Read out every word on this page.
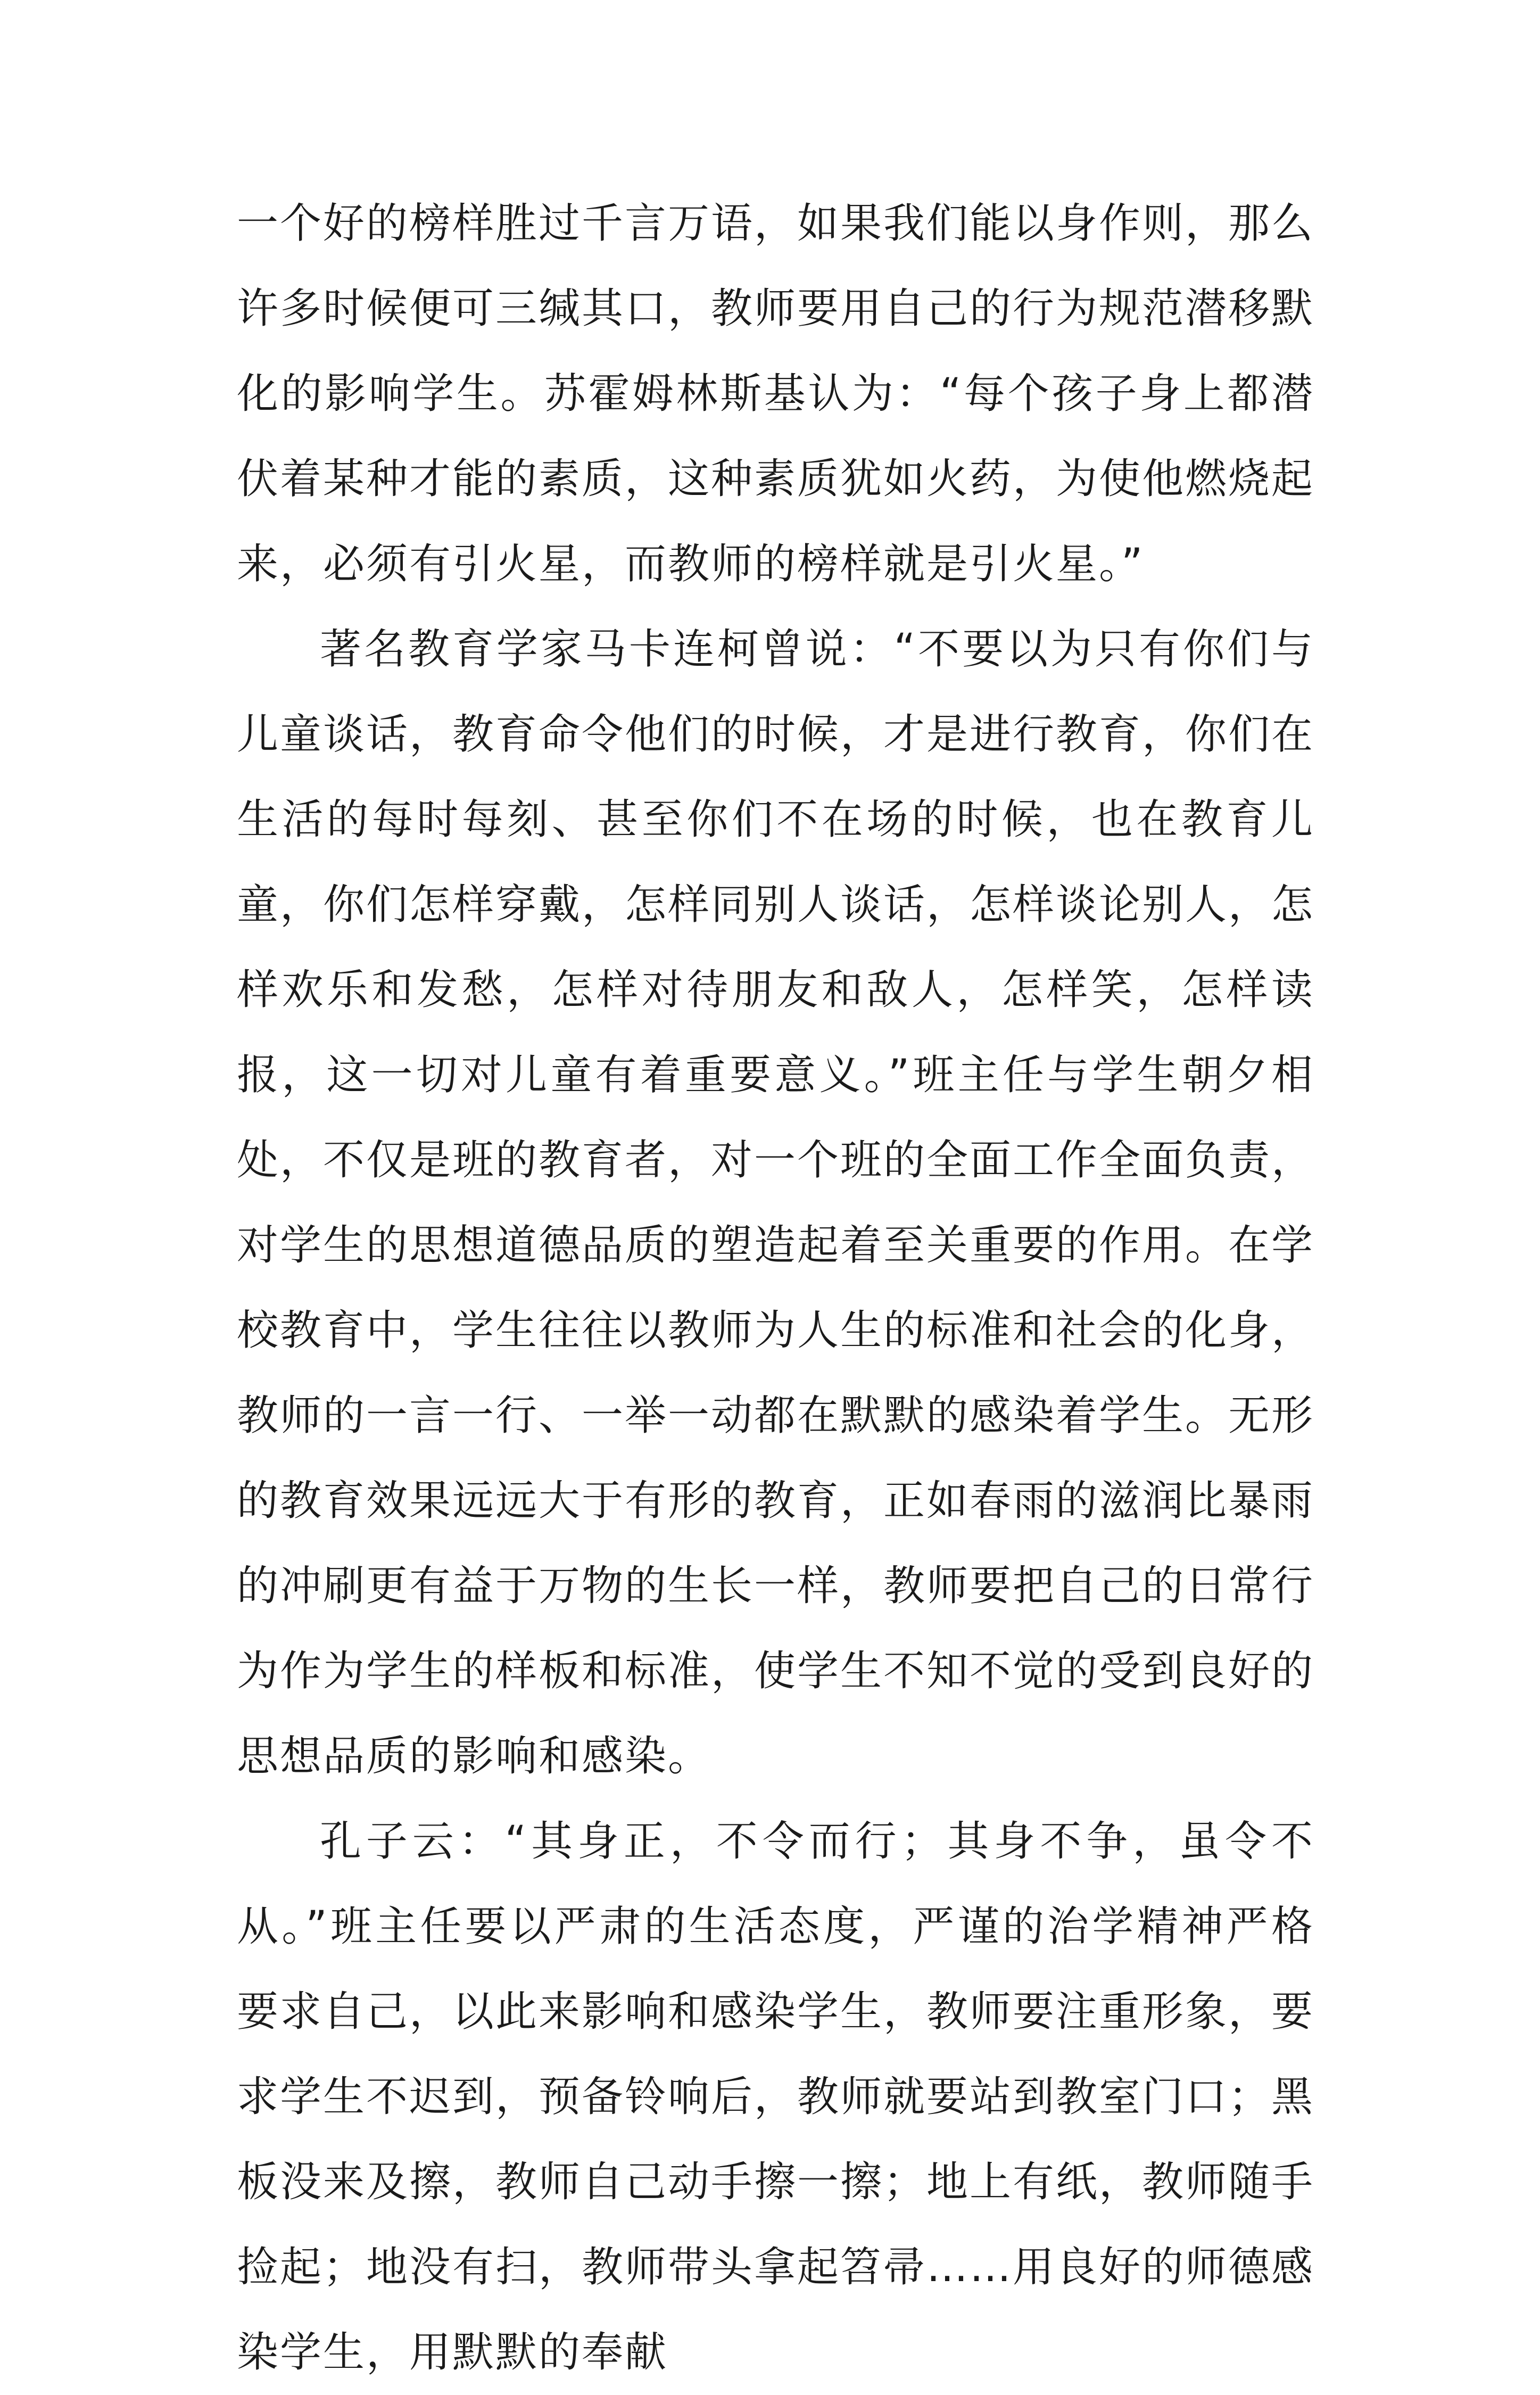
一个好的榜样胜过千言万语，如果我们能以身作则，那么许多时候便可三缄其口，教师要用自己的行为规范潜移默化的影响学生。苏霍姆林斯基认为：“每个孩子身上都潜伏着某种才能的素质，这种素质犹如火药，为使他燃烧起来，必须有引火星，而教师的榜样就是引火星。”

著名教育学家马卡连柯曾说：“不要以为只有你们与儿童谈话，教育命令他们的时候，才是进行教育，你们在生活的每时每刻、甚至你们不在场的时候，也在教育儿童，你们怎样穿戴，怎样同别人谈话，怎样谈论别人，怎样欢乐和发愁，怎样对待朋友和敌人，怎样笑，怎样读报，这一切对儿童有着重要意义。”班主任与学生朝夕相处，不仅是班的教育者，对一个班的全面工作全面负责，对学生的思想道德品质的塑造起着至关重要的作用。在学校教育中，学生往往以教师为人生的标准和社会的化身，教师的一言一行、一举一动都在默默的感染着学生。无形的教育效果远远大于有形的教育，正如春雨的滋润比暴雨的冲刷更有益于万物的生长一样，教师要把自己的日常行为作为学生的样板和标准，使学生不知不觉的受到良好的思想品质的影响和感染。

孔子云：“其身正，不令而行；其身不争，虽令不从。”班主任要以严肃的生活态度，严谨的治学精神严格要求自己，以此来影响和感染学生，教师要注重形象，要求学生不迟到，预备铃响后，教师就要站到教室门口；黑板没来及擦，教师自己动手擦一擦；地上有纸，教师随手捡起；地没有扫，教师带头拿起笤帚……用良好的师德感染学生，用默默的奉献
